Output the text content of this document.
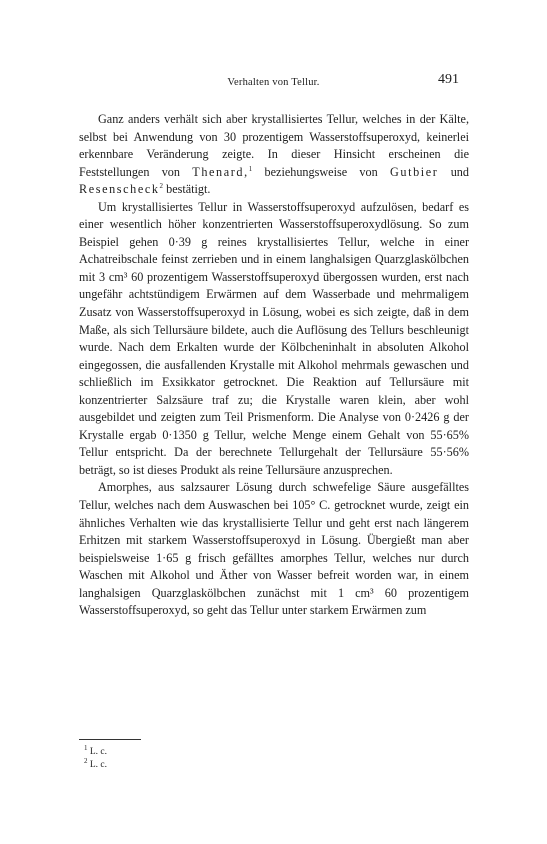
Verhalten von Tellur.	491

Ganz anders verhält sich aber krystallisiertes Tellur, welches in der Kälte, selbst bei Anwendung von 30 prozentigem Wasserstoffsuperoxyd, keinerlei erkennbare Veränderung zeigte. In dieser Hinsicht erscheinen die Feststellungen von Thenard,$^1$ beziehungsweise von Gutbier und Resenscheck$^2$ bestätigt.

Um krystallisiertes Tellur in Wasserstoffsuperoxyd aufzulösen, bedarf es einer wesentlich höher konzentrierten Wasserstoffsuperoxydlösung. So zum Beispiel gehen 0·39 g reines krystallisiertes Tellur, welche in einer Achatreibschale feinst zerrieben und in einem langhalsigen Quarzglaskölbchen mit 3 cm³ 60 prozentigem Wasserstoffsuperoxyd übergossen wurden, erst nach ungefähr achtstündigem Erwärmen auf dem Wasserbade und mehrmaligem Zusatz von Wasserstoffsuperoxyd in Lösung, wobei es sich zeigte, daß in dem Maße, als sich Tellursäure bildete, auch die Auflösung des Tellurs beschleunigt wurde. Nach dem Erkalten wurde der Kölbcheninhalt in absoluten Alkohol eingegossen, die ausfallenden Krystalle mit Alkohol mehrmals gewaschen und schließlich im Exsikkator getrocknet. Die Reaktion auf Tellursäure mit konzentrierter Salzsäure traf zu; die Krystalle waren klein, aber wohl ausgebildet und zeigten zum Teil Prismenform. Die Analyse von 0·2426 g der Krystalle ergab 0·1350 g Tellur, welche Menge einem Gehalt von 55·65% Tellur entspricht. Da der berechnete Tellurgehalt der Tellursäure 55·56% beträgt, so ist dieses Produkt als reine Tellursäure anzusprechen.

Amorphes, aus salzsaurer Lösung durch schwefelige Säure ausgefälltes Tellur, welches nach dem Auswaschen bei 105° C. getrocknet wurde, zeigt ein ähnliches Verhalten wie das krystallisierte Tellur und geht erst nach längerem Erhitzen mit starkem Wasserstoffsuperoxyd in Lösung. Übergießt man aber beispielsweise 1·65 g frisch gefälltes amorphes Tellur, welches nur durch Waschen mit Alkohol und Äther von Wasser befreit worden war, in einem langhalsigen Quarzglaskölbchen zunächst mit 1 cm³ 60 prozentigem Wasserstoffsuperoxyd, so geht das Tellur unter starkem Erwärmen zum

$^1$ L. c.
$^2$ L. c.
